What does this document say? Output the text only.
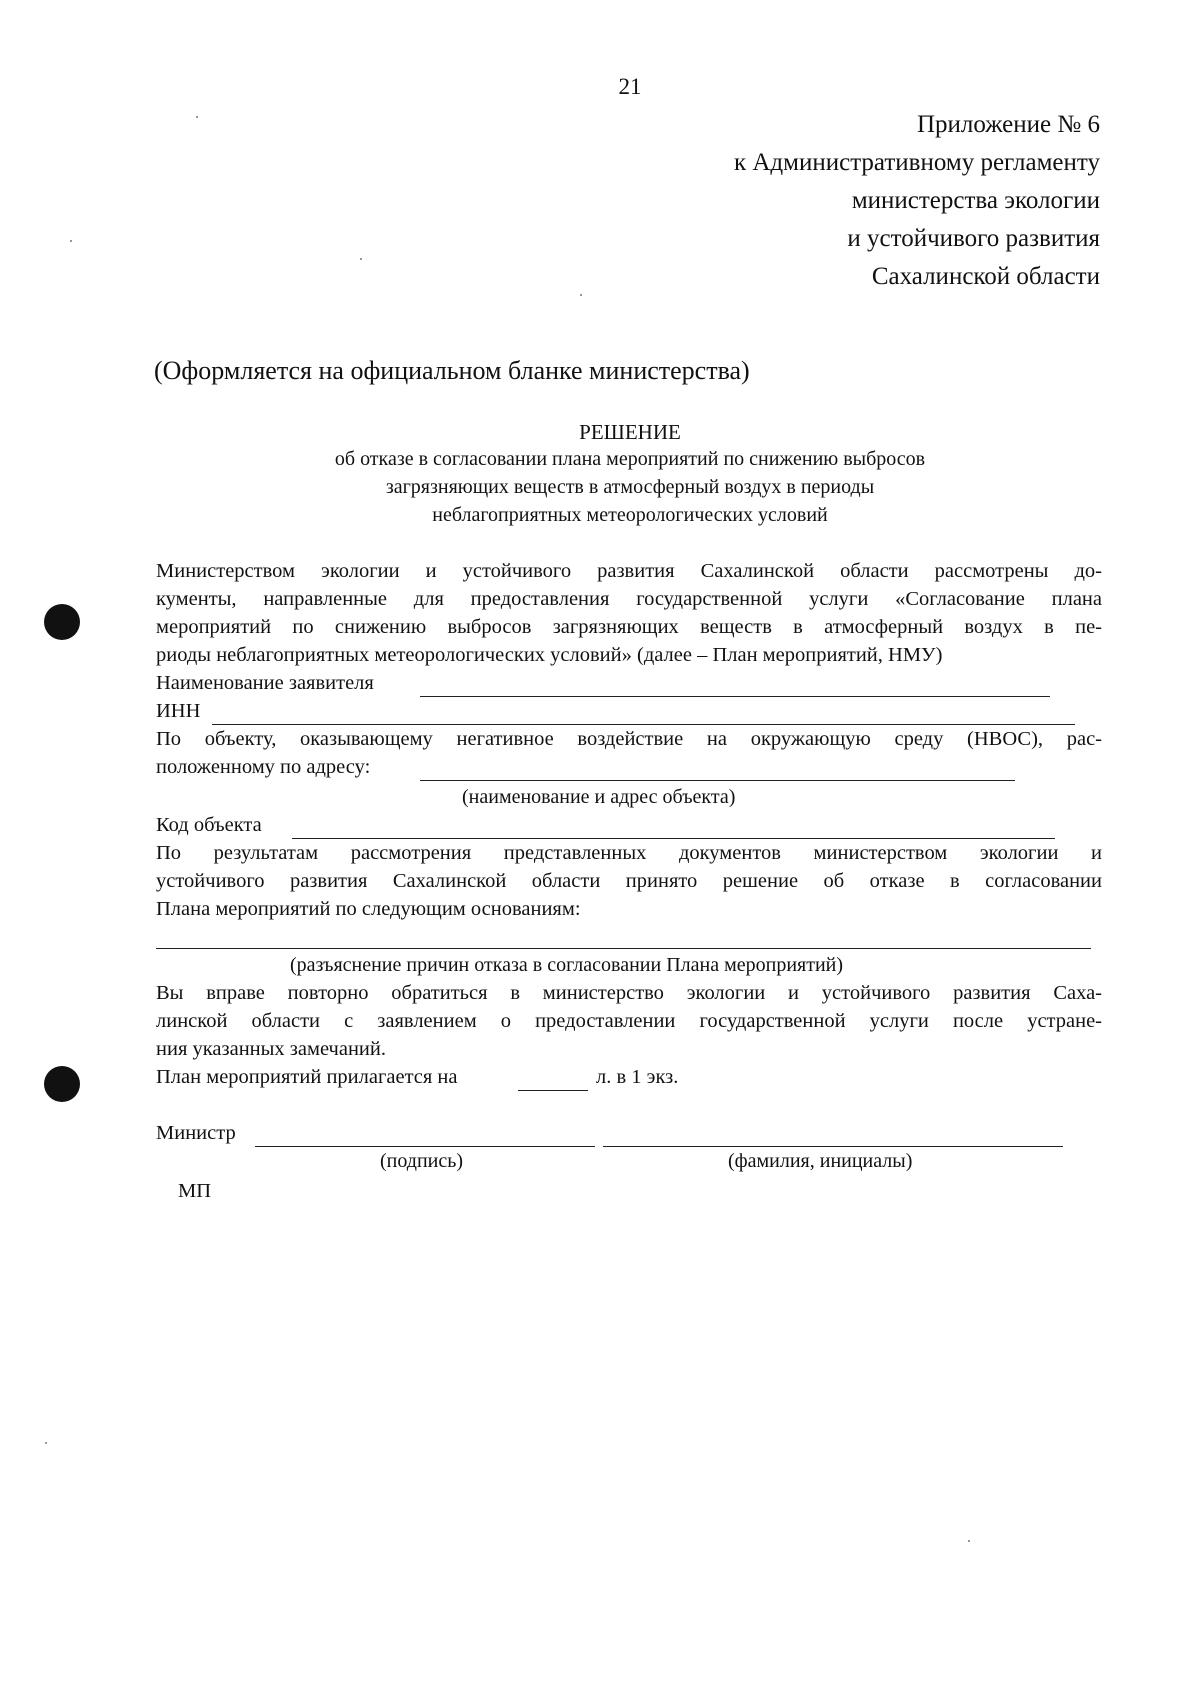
21
Приложение № 6
к Административному регламенту
министерства экологии
и устойчивого развития
Сахалинской области
(Оформляется на официальном бланке министерства)
РЕШЕНИЕ
об отказе в согласовании плана мероприятий по снижению выбросов
загрязняющих веществ в атмосферный воздух в периоды
неблагоприятных метеорологических условий
Министерством экологии и устойчивого развития Сахалинской области рассмотрены до-
кументы, направленные для предоставления государственной услуги «Согласование плана
мероприятий по снижению выбросов загрязняющих веществ в атмосферный воздух в пе-
риоды неблагоприятных метеорологических условий» (далее – План мероприятий, НМУ)
Наименование заявителя
ИНН
По объекту, оказывающему негативное воздействие на окружающую среду (НВОС), рас-
положенному по адресу:
(наименование и адрес объекта)
Код объекта
По результатам рассмотрения представленных документов министерством экологии и
устойчивого развития Сахалинской области принято решение об отказе в согласовании
Плана мероприятий по следующим основаниям:
(разъяснение причин отказа в согласовании Плана мероприятий)
Вы вправе повторно обратиться в министерство экологии и устойчивого развития Саха-
линской области с заявлением о предоставлении государственной услуги после устране-
ния указанных замечаний.
План мероприятий прилагается на	л. в 1 экз.
Министр
(подпись)	(фамилия, инициалы)
МП
